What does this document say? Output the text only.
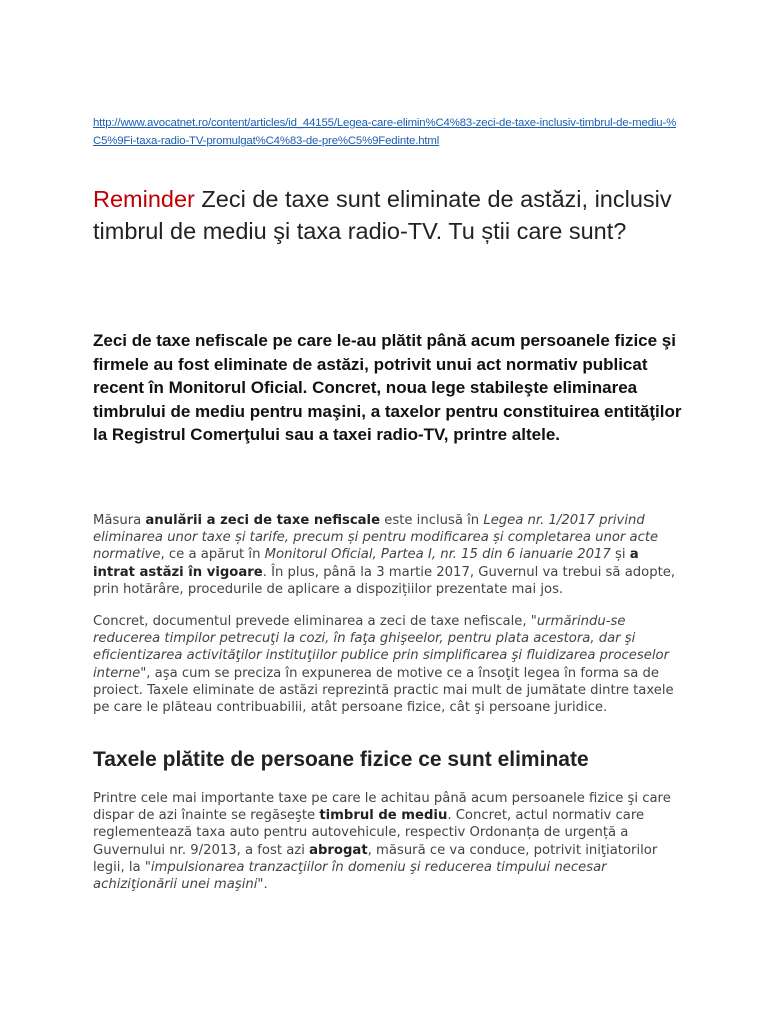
http://www.avocatnet.ro/content/articles/id_44155/Legea-care-elimin%C4%83-zeci-de-taxe-inclusiv-timbrul-de-mediu-%C5%9Fi-taxa-radio-TV-promulgat%C4%83-de-pre%C5%9Fedinte.html
Reminder Zeci de taxe sunt eliminate de astăzi, inclusiv timbrul de mediu şi taxa radio-TV. Tu știi care sunt?

Zeci de taxe nefiscale pe care le-au plătit până acum persoanele fizice şi firmele au fost eliminate de astăzi, potrivit unui act normativ publicat recent în Monitorul Oficial. Concret, noua lege stabileşte eliminarea timbrului de mediu pentru maşini, a taxelor pentru constituirea entităţilor la Registrul Comerţului sau a taxei radio-TV, printre altele.

Măsura anulării a zeci de taxe nefiscale este inclusă în Legea nr. 1/2017 privind eliminarea unor taxe și tarife, precum și pentru modificarea și completarea unor acte normative, ce a apărut în Monitorul Oficial, Partea I, nr. 15 din 6 ianuarie 2017 și a intrat astăzi în vigoare. În plus, până la 3 martie 2017, Guvernul va trebui să adopte, prin hotărâre, procedurile de aplicare a dispozițiilor prezentate mai jos.

Concret, documentul prevede eliminarea a zeci de taxe nefiscale, "urmărindu-se reducerea timpilor petrecuţi la cozi, în faţa ghişeelor, pentru plata acestora, dar şi eficientizarea activităţilor instituţiilor publice prin simplificarea şi fluidizarea proceselor interne", aşa cum se preciza în expunerea de motive ce a însoţit legea în forma sa de proiect. Taxele eliminate de astăzi reprezintă practic mai mult de jumătate dintre taxele pe care le plăteau contribuabilii, atât persoane fizice, cât şi persoane juridice.

Taxele plătite de persoane fizice ce sunt eliminate

Printre cele mai importante taxe pe care le achitau până acum persoanele fizice şi care dispar de azi înainte se regăseşte timbrul de mediu. Concret, actul normativ care reglementează taxa auto pentru autovehicule, respectiv Ordonanța de urgență a Guvernului nr. 9/2013, a fost azi abrogat, măsură ce va conduce, potrivit iniţiatorilor legii, la "impulsionarea tranzacţiilor în domeniu şi reducerea timpului necesar achiziţionării unei maşini".
